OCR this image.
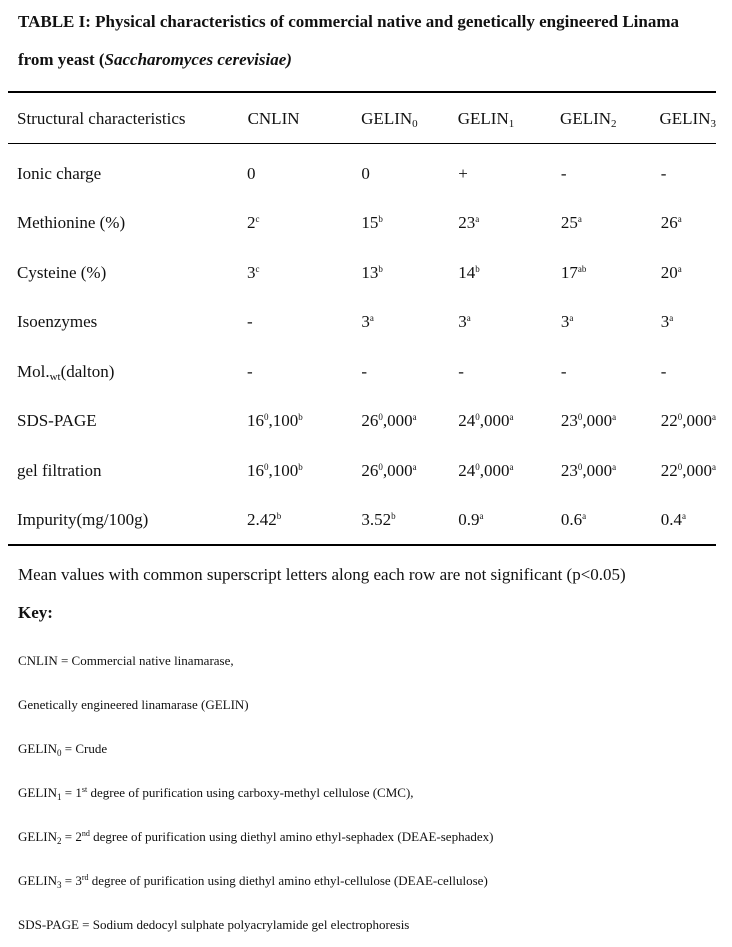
TABLE I: Physical characteristics of commercial native and genetically engineered Linama
from yeast (Saccharomyces cerevisiae)
Structural characteristics	CNLIN	$GELIN_0$	$GELIN_1$	$GELIN_2$	$GELIN_3$
Ionic charge	0	0	+	-	-
Methionine (%)	2$^c$	15$^b$	23$^a$	25$^a$	26$^a$
Cysteine (%)	3$^c$	13$^b$	14$^b$	$17^{ab}$	20$^a$
Isoenzymes	-	3$^a$	3$^a$	3$^a$	3$^a$
$Mol._{wt}(dalton)$	-	-	-	-	-
SDS-PAGE	$16^0,100^b$	$26^0,000^a$	$24^0,000^a$	$23^0,000^a$	$22^0,000^a$
gel filtration	$16^0,100^b$	$26^0,000^a$	$24^0,000^a$	$23^0,000^a$	$22^0,000^a$
Impurity(mg/100g)	2.42$^b$	3.52$^b$	0.9$^a$	0.6$^a$	0.4$^a$
Mean values with common superscript letters along each row are not significant (p<0.05)
Key:
CNLIN = Commercial native linamarase,
Genetically engineered linamarase (GELIN)
$GELIN_0$ = Crude
$GELIN_1 = 1st$ degree of purification using carboxy-methyl cellulose (CMC),
$GELIN_2 = 2nd$ degree of purification using diethyl amino ethyl-sephadex (DEAE-sephadex)
$GELIN_3 = 3rd$ degree of purification using diethyl amino ethyl-cellulose (DEAE-cellulose)
SDS-PAGE = Sodium dedocyl sulphate polyacrylamide gel electrophoresis
